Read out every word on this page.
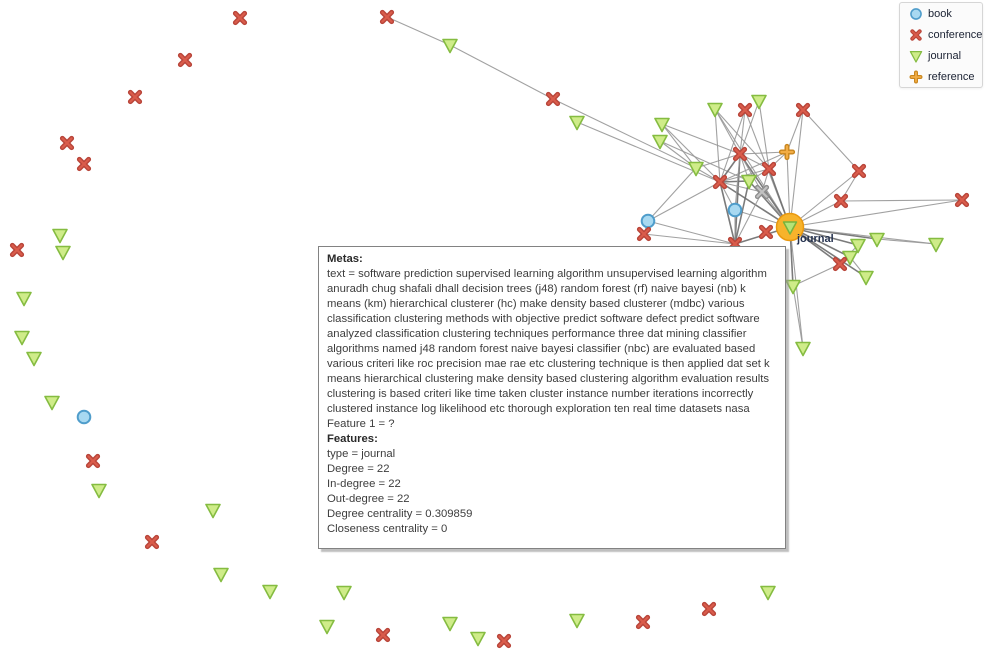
journal
book
conference
journal
reference
Metas:
text = software prediction supervised learning algorithm unsupervised learning algorithm anuradh chug shafali dhall decision trees (j48) random forest (rf) naive bayesi (nb) k means (km) hierarchical clusterer (hc) make density based clusterer (mdbc) various classification clustering methods with objective predict software defect predict software analyzed classification clustering techniques performance three dat mining classifier algorithms named j48 random forest naive bayesi classifier (nbc) are evaluated based various criteri like roc precision mae rae etc clustering technique is then applied dat set k means hierarchical clustering make density based clustering algorithm evaluation results clustering is based criteri like time taken cluster instance number iterations incorrectly clustered instance log likelihood etc thorough exploration ten real time datasets nasa
Feature 1 = ?
Features:
type = journal
Degree = 22
In-degree = 22
Out-degree = 22
Degree centrality = 0.309859
Closeness centrality = 0
